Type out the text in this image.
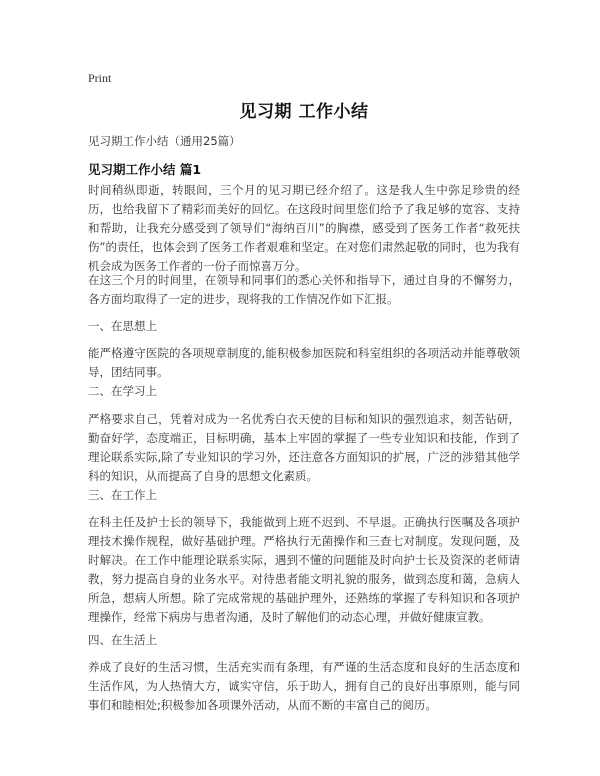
Print
见习期 工作小结
见习期工作小结（通用25篇）
见习期工作小结 篇1

时间稍纵即逝，转眼间，三个月的见习期已经介绍了。这是我人生中弥足珍贵的经历，也给我留下了精彩而美好的回忆。在这段时间里您们给予了我足够的宽容、支持和帮助，让我充分感受到了领导们“海纳百川”的胸襟，感受到了医务工作者“救死扶伤”的责任，也体会到了医务工作者艰难和坚定。在对您们肃然起敬的同时，也为我有机会成为医务工作者的一份子而惊喜万分。

在这三个月的时间里，在领导和同事们的悉心关怀和指导下，通过自身的不懈努力，各方面均取得了一定的进步，现将我的工作情况作如下汇报。

一、在思想上

能严格遵守医院的各项规章制度的,能积极参加医院和科室组织的各项活动并能尊敬领导，团结同事。

二、在学习上

严格要求自己，凭着对成为一名优秀白衣天使的目标和知识的强烈追求，刻苦钻研，勤奋好学，态度端正，目标明确，基本上牢固的掌握了一些专业知识和技能，作到了理论联系实际,除了专业知识的学习外，还注意各方面知识的扩展，广泛的涉猎其他学科的知识，从而提高了自身的思想文化素质。

三、在工作上

在科主任及护士长的领导下，我能做到上班不迟到、不早退。正确执行医嘱及各项护理技术操作规程，做好基础护理。严格执行无菌操作和三查七对制度。发现问题，及时解决。在工作中能理论联系实际，遇到不懂的问题能及时向护士长及资深的老师请教，努力提高自身的业务水平。对待患者能文明礼貌的服务，做到态度和蔼，急病人所急，想病人所想。除了完成常规的基础护理外，还熟练的掌握了专科知识和各项护理操作，经常下病房与患者沟通，及时了解他们的动态心理，并做好健康宣教。

四、在生活上

养成了良好的生活习惯，生活充实而有条理，有严谨的生活态度和良好的生活态度和生活作风，为人热情大方，诚实守信，乐于助人，拥有自己的良好出事原则，能与同事们和睦相处;积极参加各项课外活动，从而不断的丰富自己的阅历。
